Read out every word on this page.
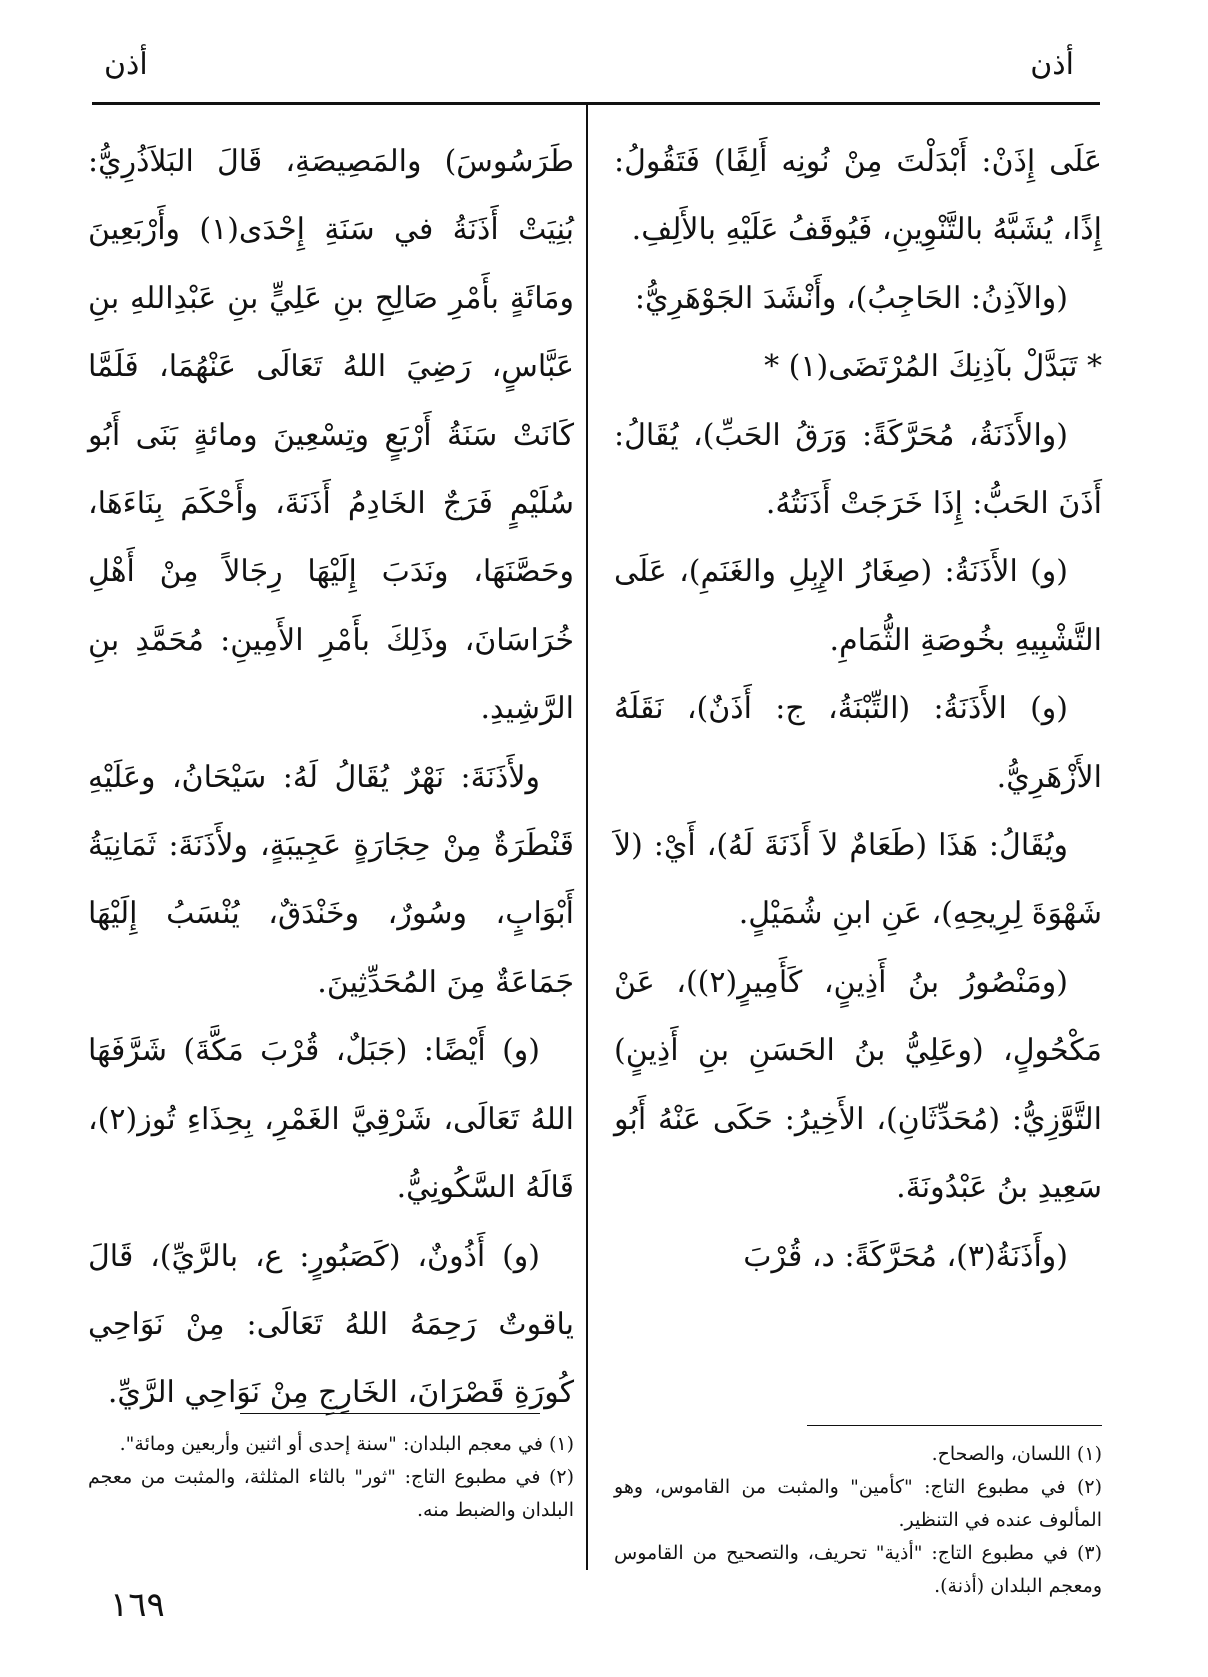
أذن
أذن

عَلَى إِذَنْ: أَبْدَلْتَ مِنْ نُونِه أَلِفًا) فَتَقُولُ: إِذًا، يُشَبَّهُ بالتَّنْوِينِ، فَيُوقَفُ عَلَيْهِ بالأَلِفِ.

(والآذِنُ: الحَاجِبُ)، وأَنْشَدَ الجَوْهَرِيُّ:

* تَبَدَّلْ بآذِنِكَ المُرْتَضَى(١) *

(والأَذَنَةُ، مُحَرَّكَةً: وَرَقُ الحَبِّ)، يُقَالُ: أَذَنَ الحَبُّ: إِذَا خَرَجَتْ أَذَنَتُهُ.

(و) الأَذَنَةُ: (صِغَارُ الإِبِلِ والغَنَمِ)، عَلَى التَّشْبِيهِ بخُوصَةِ الثُّمَامِ.

(و) الأَذَنَةُ: (التِّبْنَةُ، ج: أَذَنٌ)، نَقَلَهُ الأَزْهَرِيُّ.

ويُقَالُ: هَذَا (طَعَامٌ لاَ أَذَنَةَ لَهُ)، أَيْ: (لاَ شَهْوَةَ لِرِيحِهِ)، عَنِ ابنِ شُمَيْلٍ.

(ومَنْصُورُ بنُ أَذِينٍ، كَأَمِيرٍ(٢))، عَنْ مَكْحُولٍ، (وعَلِيُّ بنُ الحَسَنِ بنِ أَذِينٍ) التَّوَّزِيُّ: (مُحَدِّثَانِ)، الأَخِيرُ: حَكَى عَنْهُ أَبُو سَعِيدِ بنُ عَبْدُونَةَ.

(وأَذَنَةُ(٣)، مُحَرَّكَةً: د، قُرْبَ

طَرَسُوسَ) والمَصِيصَةِ، قَالَ البَلاَذُرِيُّ: بُنِيَتْ أَذَنَةُ في سَنَةِ إِحْدَى(١) وأَرْبَعِينَ ومَائَةٍ بأَمْرِ صَالِحِ بنِ عَلِيٍّ بنِ عَبْدِاللهِ بنِ عَبَّاسٍ، رَضِيَ اللهُ تَعَالَى عَنْهُمَا، فَلَمَّا كَانَتْ سَنَةُ أَرْبَعٍ وتِسْعِينَ ومائةٍ بَنَى أَبُو سُلَيْمٍ فَرَجٌ الخَادِمُ أَذَنَةَ، وأَحْكَمَ بِنَاءَهَا، وحَصَّنَهَا، ونَدَبَ إِلَيْهَا رِجَالاً مِنْ أَهْلِ خُرَاسَانَ، وذَلِكَ بأَمْرِ الأَمِينِ: مُحَمَّدِ بنِ الرَّشِيدِ.

ولأَذَنَةَ: نَهْرٌ يُقَالُ لَهُ: سَيْحَانُ، وعَلَيْهِ قَنْطَرَةٌ مِنْ حِجَارَةٍ عَجِيبَةٍ، ولأَذَنَةَ: ثَمَانِيَةُ أَبْوَابٍ، وسُورٌ، وخَنْدَقٌ، يُنْسَبُ إِلَيْهَا جَمَاعَةٌ مِنَ المُحَدِّثِينَ.

(و) أَيْضًا: (جَبَلٌ، قُرْبَ مَكَّةَ) شَرَّفَهَا اللهُ تَعَالَى، شَرْقِيَّ الغَمْرِ، بِحِذَاءِ تُوز(٢)، قَالَهُ السَّكُونِيُّ.

(و) أَذُونٌ، (كَصَبُورٍ: ع، بالرَّيِّ)، قَالَ ياقوتٌ رَحِمَهُ اللهُ تَعَالَى: مِنْ نَوَاحِي كُورَةِ قَصْرَانَ، الخَارِجِ مِنْ نَوَاحِي الرَّيِّ.

(١) اللسان، والصحاح.

(٢) في مطبوع التاج: "كأمين" والمثبت من القاموس، وهو المألوف عنده في التنظير.

(٣) في مطبوع التاج: "أذية" تحريف، والتصحيح من القاموس ومعجم البلدان (أذنة).

(١) في معجم البلدان: "سنة إحدى أو اثنين وأربعين ومائة".

(٢) في مطبوع التاج: "ثور" بالثاء المثلثة، والمثبت من معجم البلدان والضبط منه.

١٦٩
